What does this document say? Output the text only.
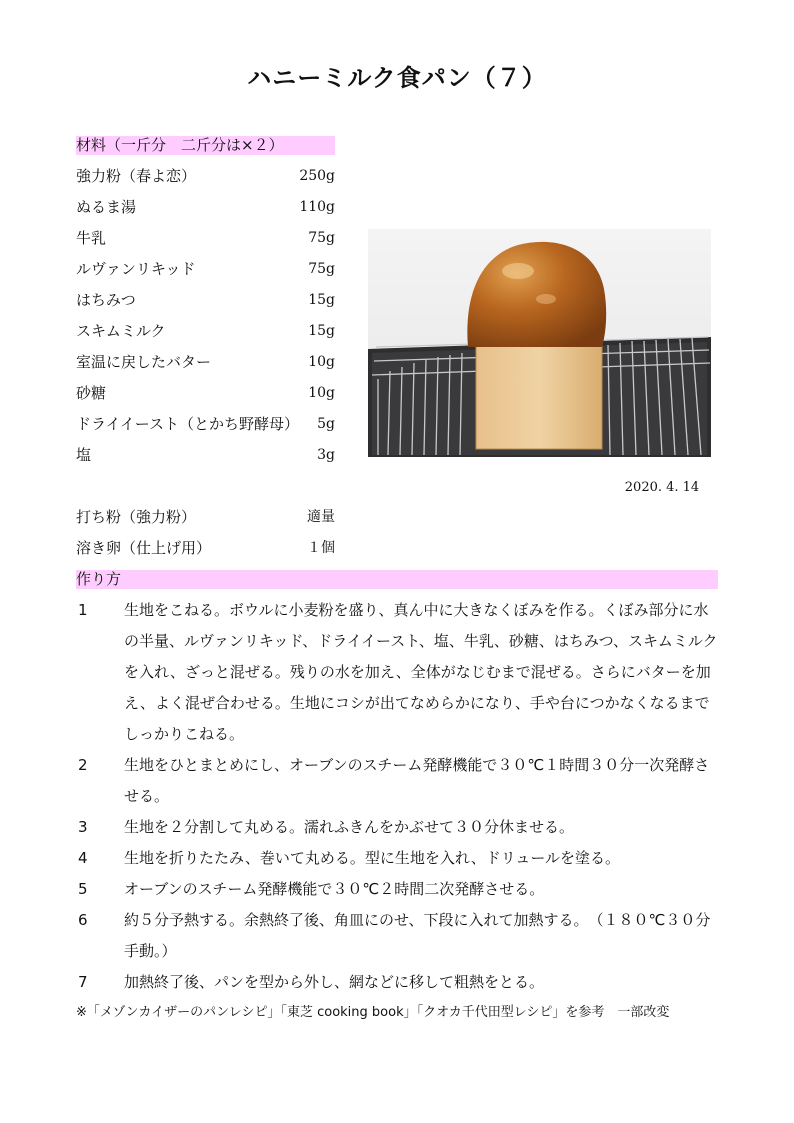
ハニーミルク食パン（７）
材料（一斤分　二斤分は×２）
強力粉（春よ恋）	250g
ぬるま湯	110g
牛乳	75g
ルヴァンリキッド	75g
はちみつ	15g
スキムミルク	15g
室温に戻したバター	10g
砂糖	10g
ドライイースト（とかち野酵母） 5g
塩	3g
2020. 4. 14
打ち粉（強力粉）	適量
溶き卵（仕上げ用）	１個
作り方
1	生地をこねる。ボウルに小麦粉を盛り、真ん中に大きなくぼみを作る。くぼみ部分に水の半量、ルヴァンリキッド、ドライイースト、塩、牛乳、砂糖、はちみつ、スキムミルクを入れ、ざっと混ぜる。残りの水を加え、全体がなじむまで混ぜる。さらにバターを加え、よく混ぜ合わせる。生地にコシが出てなめらかになり、手や台につかなくなるまでしっかりこねる。
2	生地をひとまとめにし、オーブンのスチーム発酵機能で３０℃１時間３０分一次発酵させる。
3	生地を２分割して丸める。濡れふきんをかぶせて３０分休ませる。
4	生地を折りたたみ、巻いて丸める。型に生地を入れ、ドリュールを塗る。
5	オーブンのスチーム発酵機能で３０℃２時間二次発酵させる。
6	約５分予熱する。余熱終了後、角皿にのせ、下段に入れて加熱する。　（１８０℃３０分手動。）
7	加熱終了後、パンを型から外し、網などに移して粗熱をとる。
※「メゾンカイザーのパンレシピ」「東芝 cooking book」「クオカ千代田型レシピ」を参考　一部改変
